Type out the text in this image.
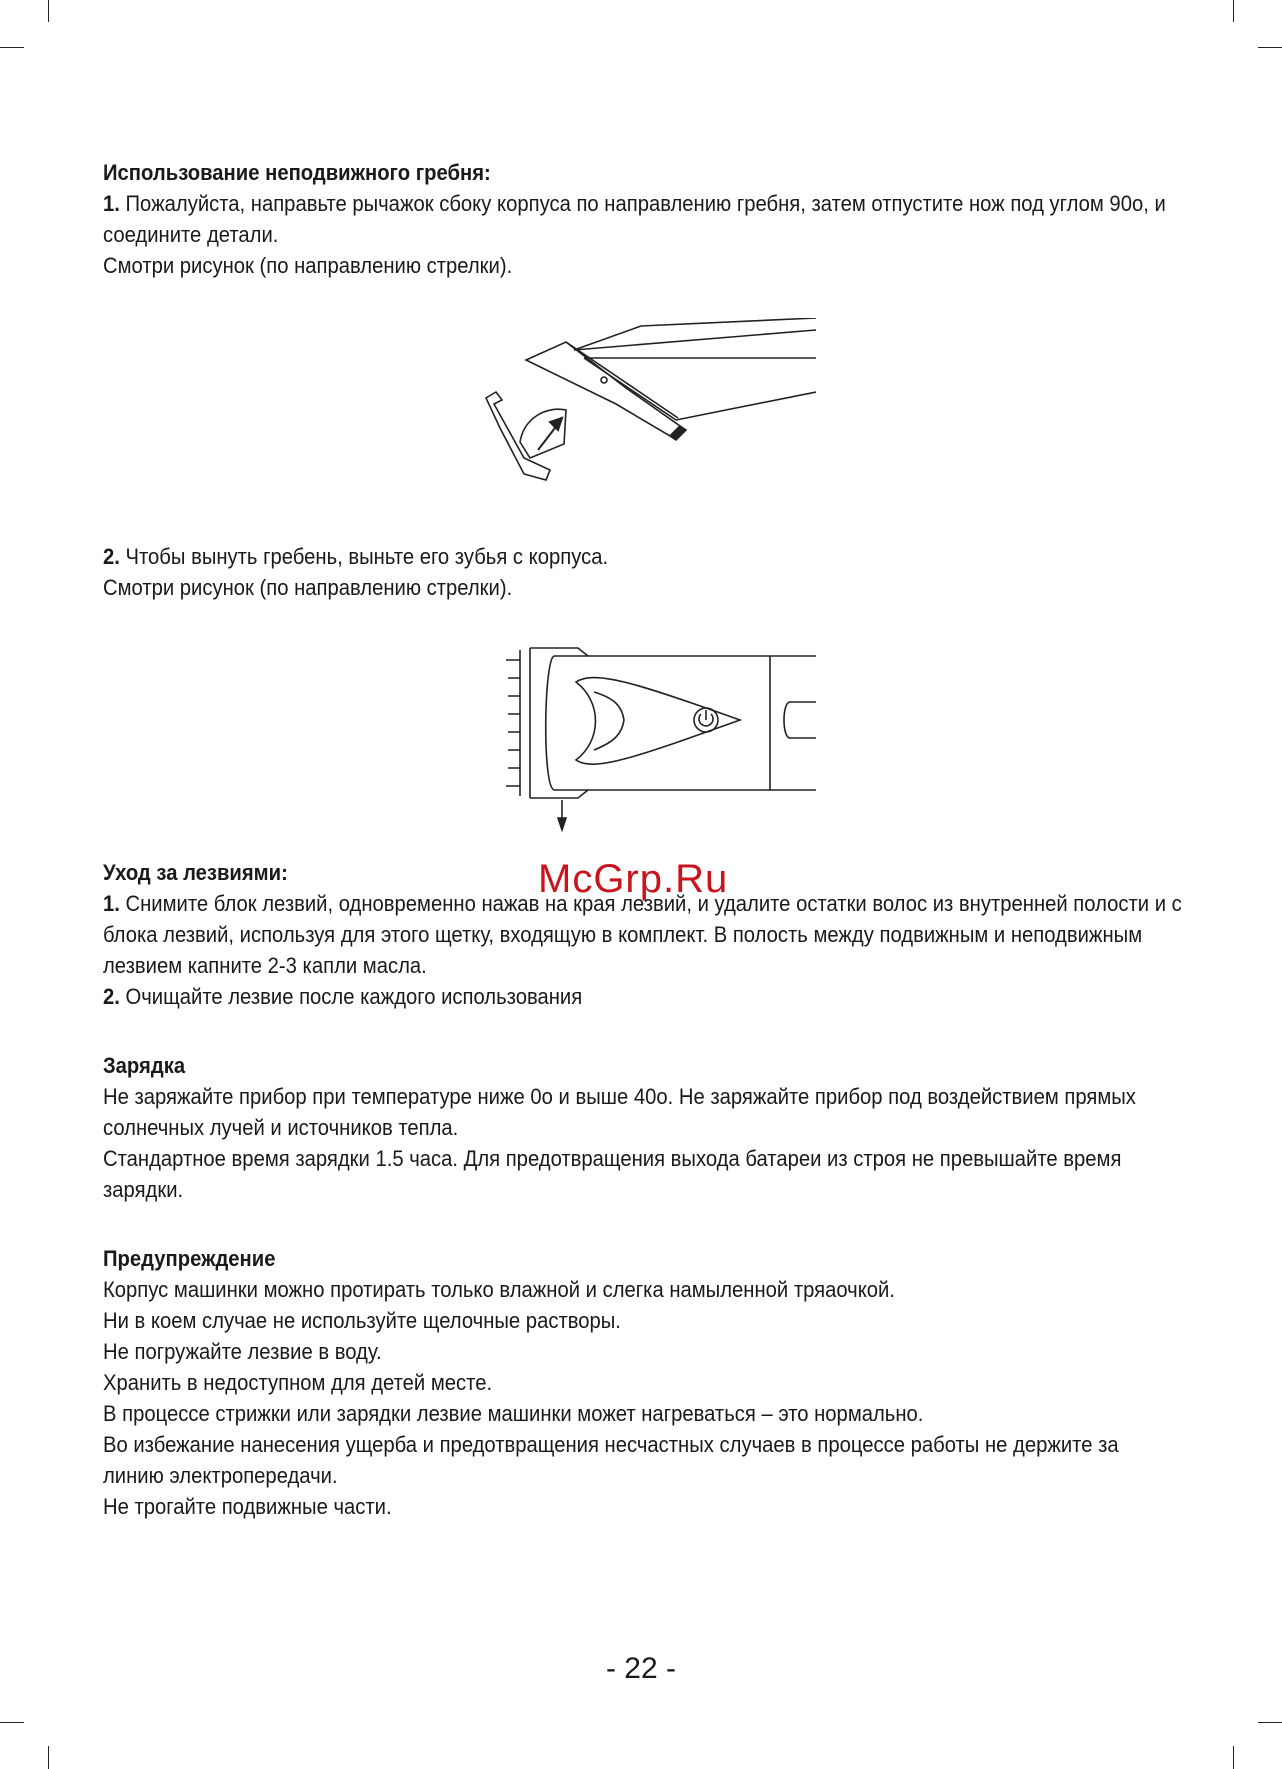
Использование неподвижного гребня:
1. Пожалуйста, направьте рычажок сбоку корпуса по направлению гребня, затем отпустите нож под углом 90о, и соедините детали.
Смотри рисунок (по направлению стрелки).
2. Чтобы вынуть гребень, выньте его зубья с корпуса.
Смотри рисунок (по направлению стрелки).
McGrp.Ru
Уход за лезвиями:
1. Снимите блок лезвий, одновременно нажав на края лезвий, и удалите остатки волос из внутренней полости и с блока лезвий, используя для этого щетку, входящую в комплект. В полость между подвижным и неподвижным лезвием капните 2-3 капли масла.
2. Очищайте лезвие после каждого использования
Зарядка
Не заряжайте прибор при температуре ниже 0о и выше 40о. Не заряжайте прибор под воздействием прямых солнечных лучей и источников тепла.
Стандартное время зарядки 1.5 часа. Для предотвращения выхода батареи из строя не превышайте время зарядки.
Предупреждение
Корпус машинки можно протирать только влажной и слегка намыленной тряаочкой.
Ни в коем случае не используйте щелочные растворы.
Не погружайте лезвие в воду.
Хранить в недоступном для детей месте.
В процессе стрижки или зарядки лезвие машинки может нагреваться – это нормально.
Во избежание нанесения ущерба и предотвращения несчастных случаев в процессе работы не держите за линию электропередачи.
Не трогайте подвижные части.
- 22 -
